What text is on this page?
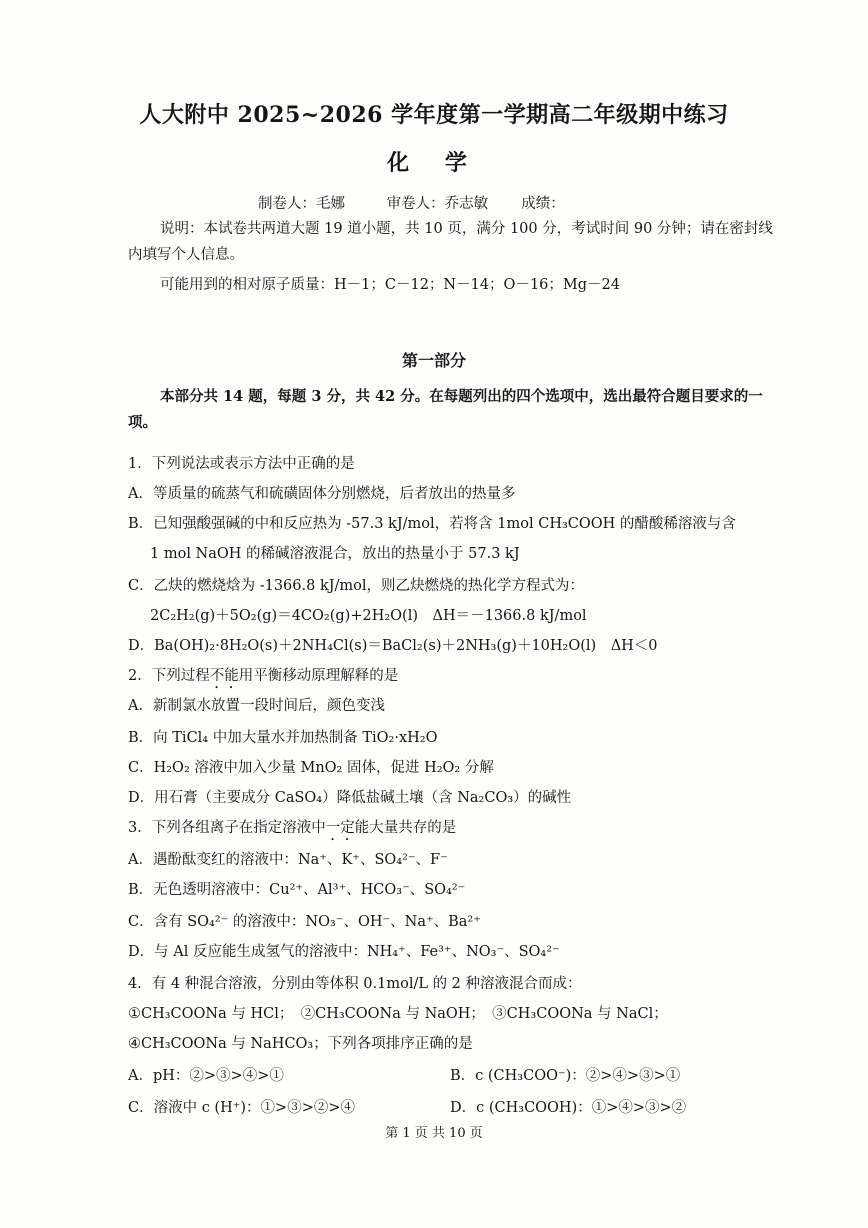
人大附中 2025~2026 学年度第一学期高二年级期中练习
化 学
制卷人：毛娜	审卷人：乔志敏 成绩：
说明：本试卷共两道大题 19 道小题，共 10 页，满分 100 分，考试时间 90 分钟；请在密封线内填写个人信息。
可能用到的相对原子质量：H－1；C－12；N－14；O－16；Mg－24
第一部分
本部分共 14 题，每题 3 分，共 42 分。在每题列出的四个选项中，选出最符合题目要求的一项。
1．下列说法或表示方法中正确的是
A．等质量的硫蒸气和硫磺固体分别燃烧，后者放出的热量多
B．已知强酸强碱的中和反应热为 -57.3 kJ/mol，若将含 1mol CH₃COOH 的醋酸稀溶液与含
1 mol NaOH 的稀碱溶液混合，放出的热量小于 57.3 kJ
C．乙炔的燃烧焓为 -1366.8 kJ/mol，则乙炔燃烧的热化学方程式为：
2C₂H₂(g)＋5O₂(g)＝4CO₂(g)+2H₂O(l)　ΔH＝－1366.8 kJ/mol
D．Ba(OH)₂·8H₂O(s)＋2NH₄Cl(s)＝BaCl₂(s)＋2NH₃(g)＋10H₂O(l)　ΔH＜0
2．下列过程不能用平衡移动原理解释的是
A．新制氯水放置一段时间后，颜色变浅
B．向 TiCl₄ 中加大量水并加热制备 TiO₂·xH₂O
C．H₂O₂ 溶液中加入少量 MnO₂ 固体，促进 H₂O₂ 分解
D．用石膏（主要成分 CaSO₄）降低盐碱土壤（含 Na₂CO₃）的碱性
3．下列各组离子在指定溶液中一定能大量共存的是
A．遇酚酞变红的溶液中：Na⁺、K⁺、SO₄²⁻、F⁻
B．无色透明溶液中：Cu²⁺、Al³⁺、HCO₃⁻、SO₄²⁻
C．含有 SO₄²⁻ 的溶液中：NO₃⁻、OH⁻、Na⁺、Ba²⁺
D．与 Al 反应能生成氢气的溶液中：NH₄⁺、Fe³⁺、NO₃⁻、SO₄²⁻
4．有 4 种混合溶液，分别由等体积 0.1mol/L 的 2 种溶液混合而成：
①CH₃COONa 与 HCl；　②CH₃COONa 与 NaOH；　③CH₃COONa 与 NaCl；
④CH₃COONa 与 NaHCO₃；下列各项排序正确的是
A．pH：②>③>④>①	B．c (CH₃COO⁻)：②>④>③>①
C．溶液中 c (H⁺)：①>③>②>④	D．c (CH₃COOH)：①>④>③>②
第 1 页 共 10 页
